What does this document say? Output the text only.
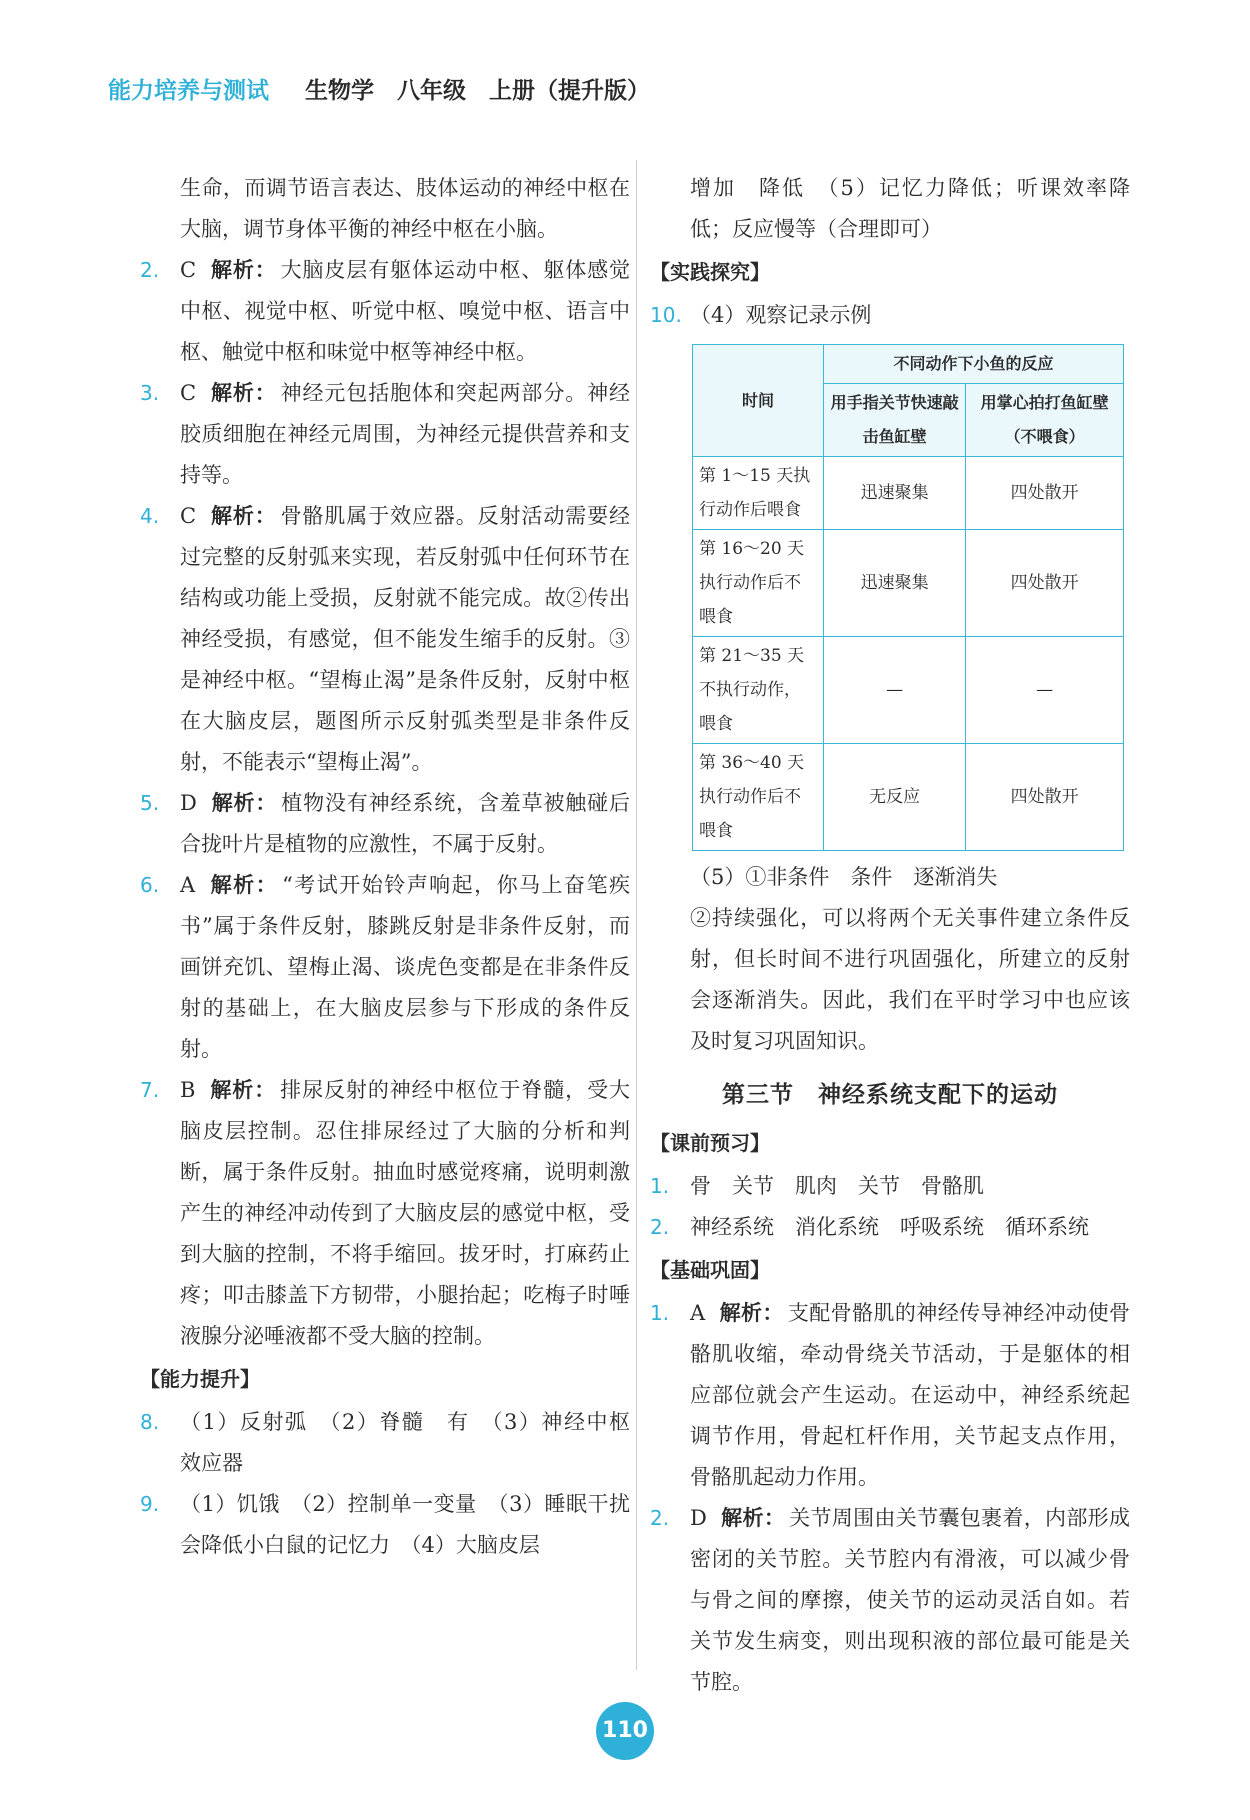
能力培养与测试 生物学　八年级　上册（提升版）

生命，而调节语言表达、肢体运动的神经中枢在大脑，调节身体平衡的神经中枢在小脑。

2. C 解析： 大脑皮层有躯体运动中枢、躯体感觉中枢、视觉中枢、听觉中枢、嗅觉中枢、语言中枢、触觉中枢和味觉中枢等神经中枢。

3. C 解析： 神经元包括胞体和突起两部分。神经胶质细胞在神经元周围，为神经元提供营养和支持等。

4. C 解析： 骨骼肌属于效应器。反射活动需要经过完整的反射弧来实现，若反射弧中任何环节在结构或功能上受损，反射就不能完成。故②传出神经受损，有感觉，但不能发生缩手的反射。③是神经中枢。“望梅止渴”是条件反射，反射中枢在大脑皮层，题图所示反射弧类型是非条件反射，不能表示“望梅止渴”。

5. D 解析： 植物没有神经系统，含羞草被触碰后合拢叶片是植物的应激性，不属于反射。

6. A 解析： “考试开始铃声响起，你马上奋笔疾书”属于条件反射，膝跳反射是非条件反射，而画饼充饥、望梅止渴、谈虎色变都是在非条件反射的基础上，在大脑皮层参与下形成的条件反射。

7. B 解析： 排尿反射的神经中枢位于脊髓，受大脑皮层控制。忍住排尿经过了大脑的分析和判断，属于条件反射。抽血时感觉疼痛，说明刺激产生的神经冲动传到了大脑皮层的感觉中枢，受到大脑的控制，不将手缩回。拔牙时，打麻药止疼；叩击膝盖下方韧带，小腿抬起；吃梅子时唾液腺分泌唾液都不受大脑的控制。

【能力提升】

8. （1）反射弧　（2）脊髓　有　（3）神经中枢　效应器

9. （1）饥饿　（2）控制单一变量　（3）睡眠干扰会降低小白鼠的记忆力　（4）大脑皮层

增加　降低　（5）记忆力降低；听课效率降低；反应慢等（合理即可）

【实践探究】

10. （4）观察记录示例

时间	不同动作下小鱼的反应	
	用手指关节快速敲击鱼缸壁	用掌心拍打鱼缸壁（不喂食）
第 1～15 天执行动作后喂食	迅速聚集	四处散开
第 16～20 天执行动作后不喂食	迅速聚集	四处散开
第 21～35 天不执行动作，喂食	—	—
第 36～40 天执行动作后不喂食	无反应	四处散开

（5）①非条件　条件　逐渐消失

②持续强化，可以将两个无关事件建立条件反射，但长时间不进行巩固强化，所建立的反射会逐渐消失。因此，我们在平时学习中也应该及时复习巩固知识。

第三节 神经系统支配下的运动
【课前预习】

1. 骨　关节　肌肉　关节　骨骼肌

2. 神经系统　消化系统　呼吸系统　循环系统

【基础巩固】

1. A 解析： 支配骨骼肌的神经传导神经冲动使骨骼肌收缩，牵动骨绕关节活动，于是躯体的相应部位就会产生运动。在运动中，神经系统起调节作用，骨起杠杆作用，关节起支点作用，骨骼肌起动力作用。

2. D 解析： 关节周围由关节囊包裹着，内部形成密闭的关节腔。关节腔内有滑液，可以减少骨与骨之间的摩擦，使关节的运动灵活自如。若关节发生病变，则出现积液的部位最可能是关节腔。

110
